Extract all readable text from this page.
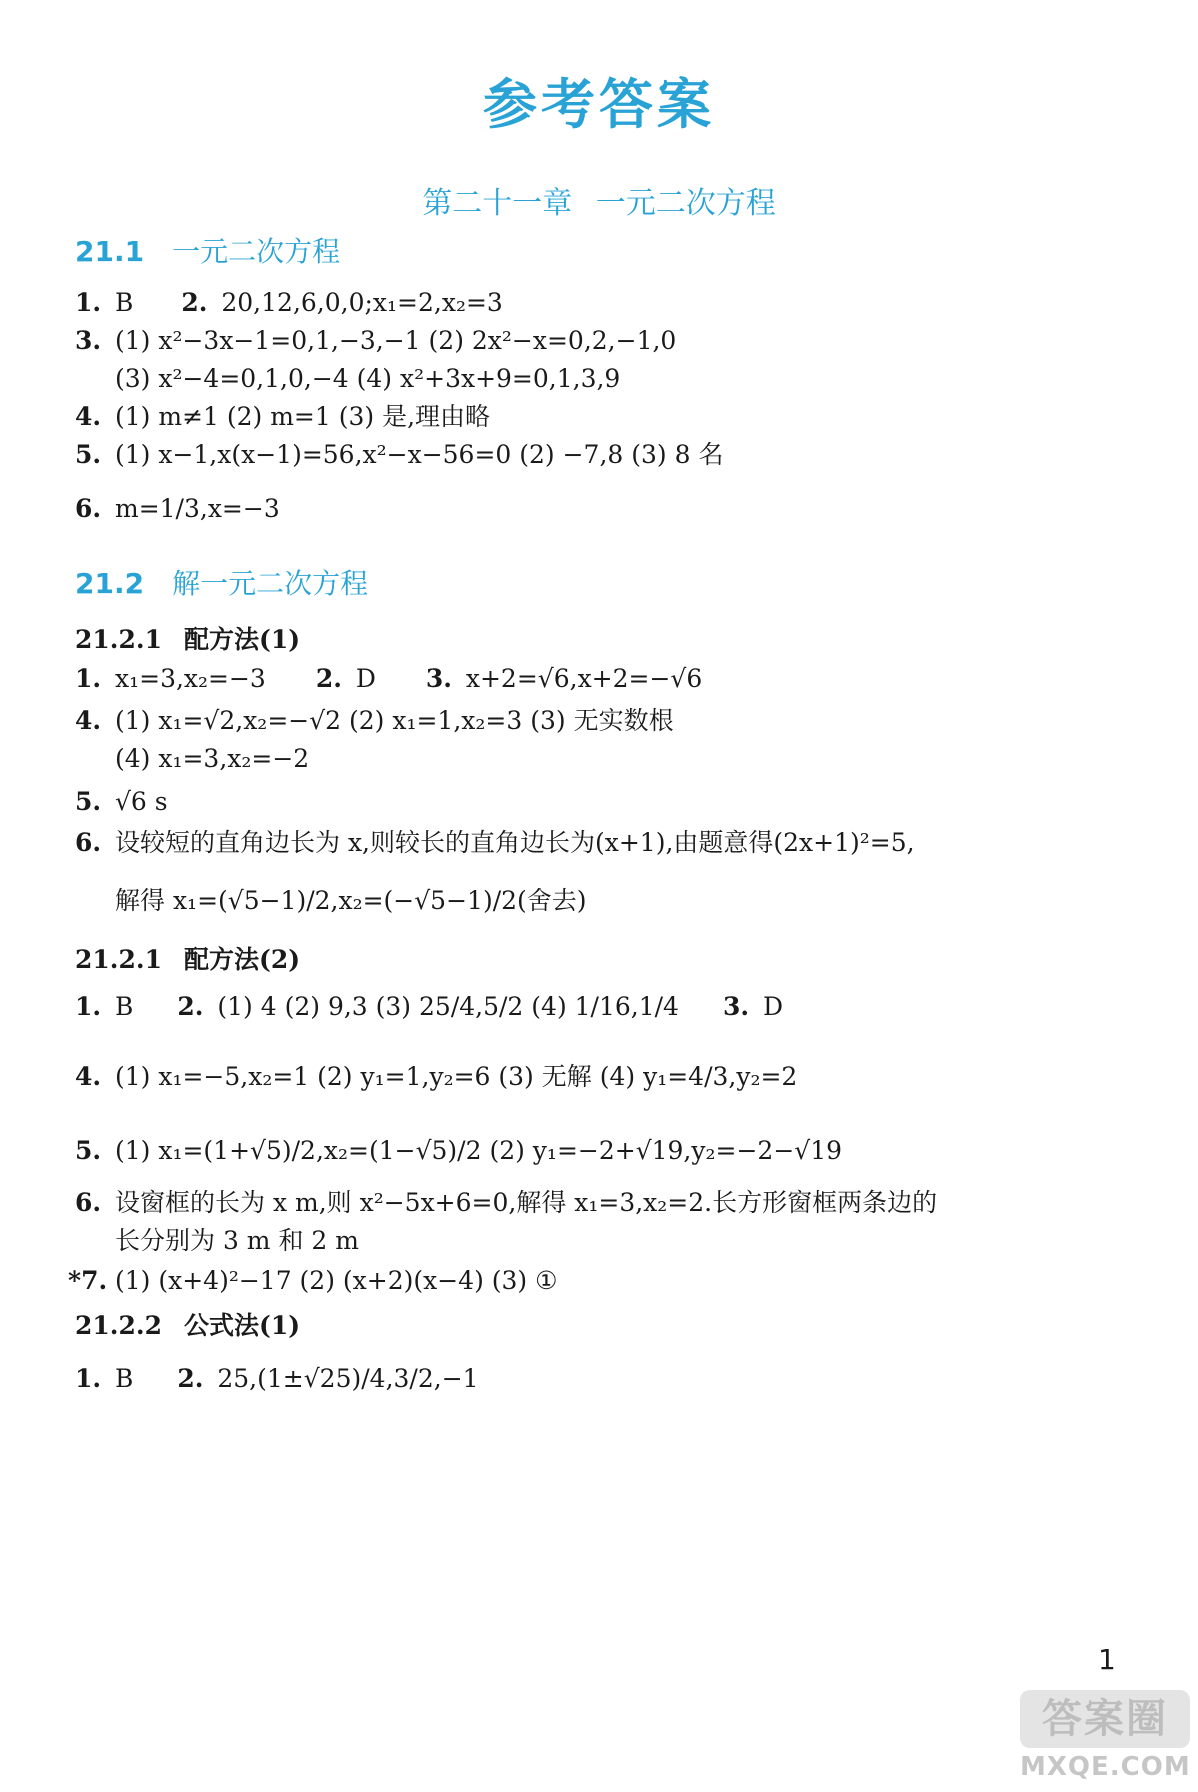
参考答案
第二十一章 一元二次方程
21.1 一元二次方程
1. B 2. 20,12,6,0,0;x₁=2,x₂=3
3. (1) x²−3x−1=0,1,−3,−1 (2) 2x²−x=0,2,−1,0
(3) x²−4=0,1,0,−4 (4) x²+3x+9=0,1,3,9
4. (1) m≠1 (2) m=1 (3) 是,理由略
5. (1) x−1,x(x−1)=56,x²−x−56=0 (2) −7,8 (3) 8 名
6. m=1/3,x=−3
21.2 解一元二次方程
21.2.1 配方法(1)
1. x₁=3,x₂=−3 2. D 3. x+2=√6,x+2=−√6
4. (1) x₁=√2,x₂=−√2 (2) x₁=1,x₂=3 (3) 无实数根
(4) x₁=3,x₂=−2
5. √6 s
6. 设较短的直角边长为 x,则较长的直角边长为(x+1),由题意得(2x+1)²=5,
解得 x₁=(√5−1)/2,x₂=(−√5−1)/2(舍去)
21.2.1 配方法(2)
1. B 2. (1) 4 (2) 9,3 (3) 25/4,5/2 (4) 1/16,1/4 3. D
4. (1) x₁=−5,x₂=1 (2) y₁=1,y₂=6 (3) 无解 (4) y₁=4/3,y₂=2
5. (1) x₁=(1+√5)/2,x₂=(1−√5)/2 (2) y₁=−2+√19,y₂=−2−√19
6. 设窗框的长为 x m,则 x²−5x+6=0,解得 x₁=3,x₂=2.长方形窗框两条边的
长分别为 3 m 和 2 m
*7. (1) (x+4)²−17 (2) (x+2)(x−4) (3) ①
21.2.2 公式法(1)
1. B 2. 25,(1±√25)/4,3/2,−1
1
答案圈
MXQE.COM
